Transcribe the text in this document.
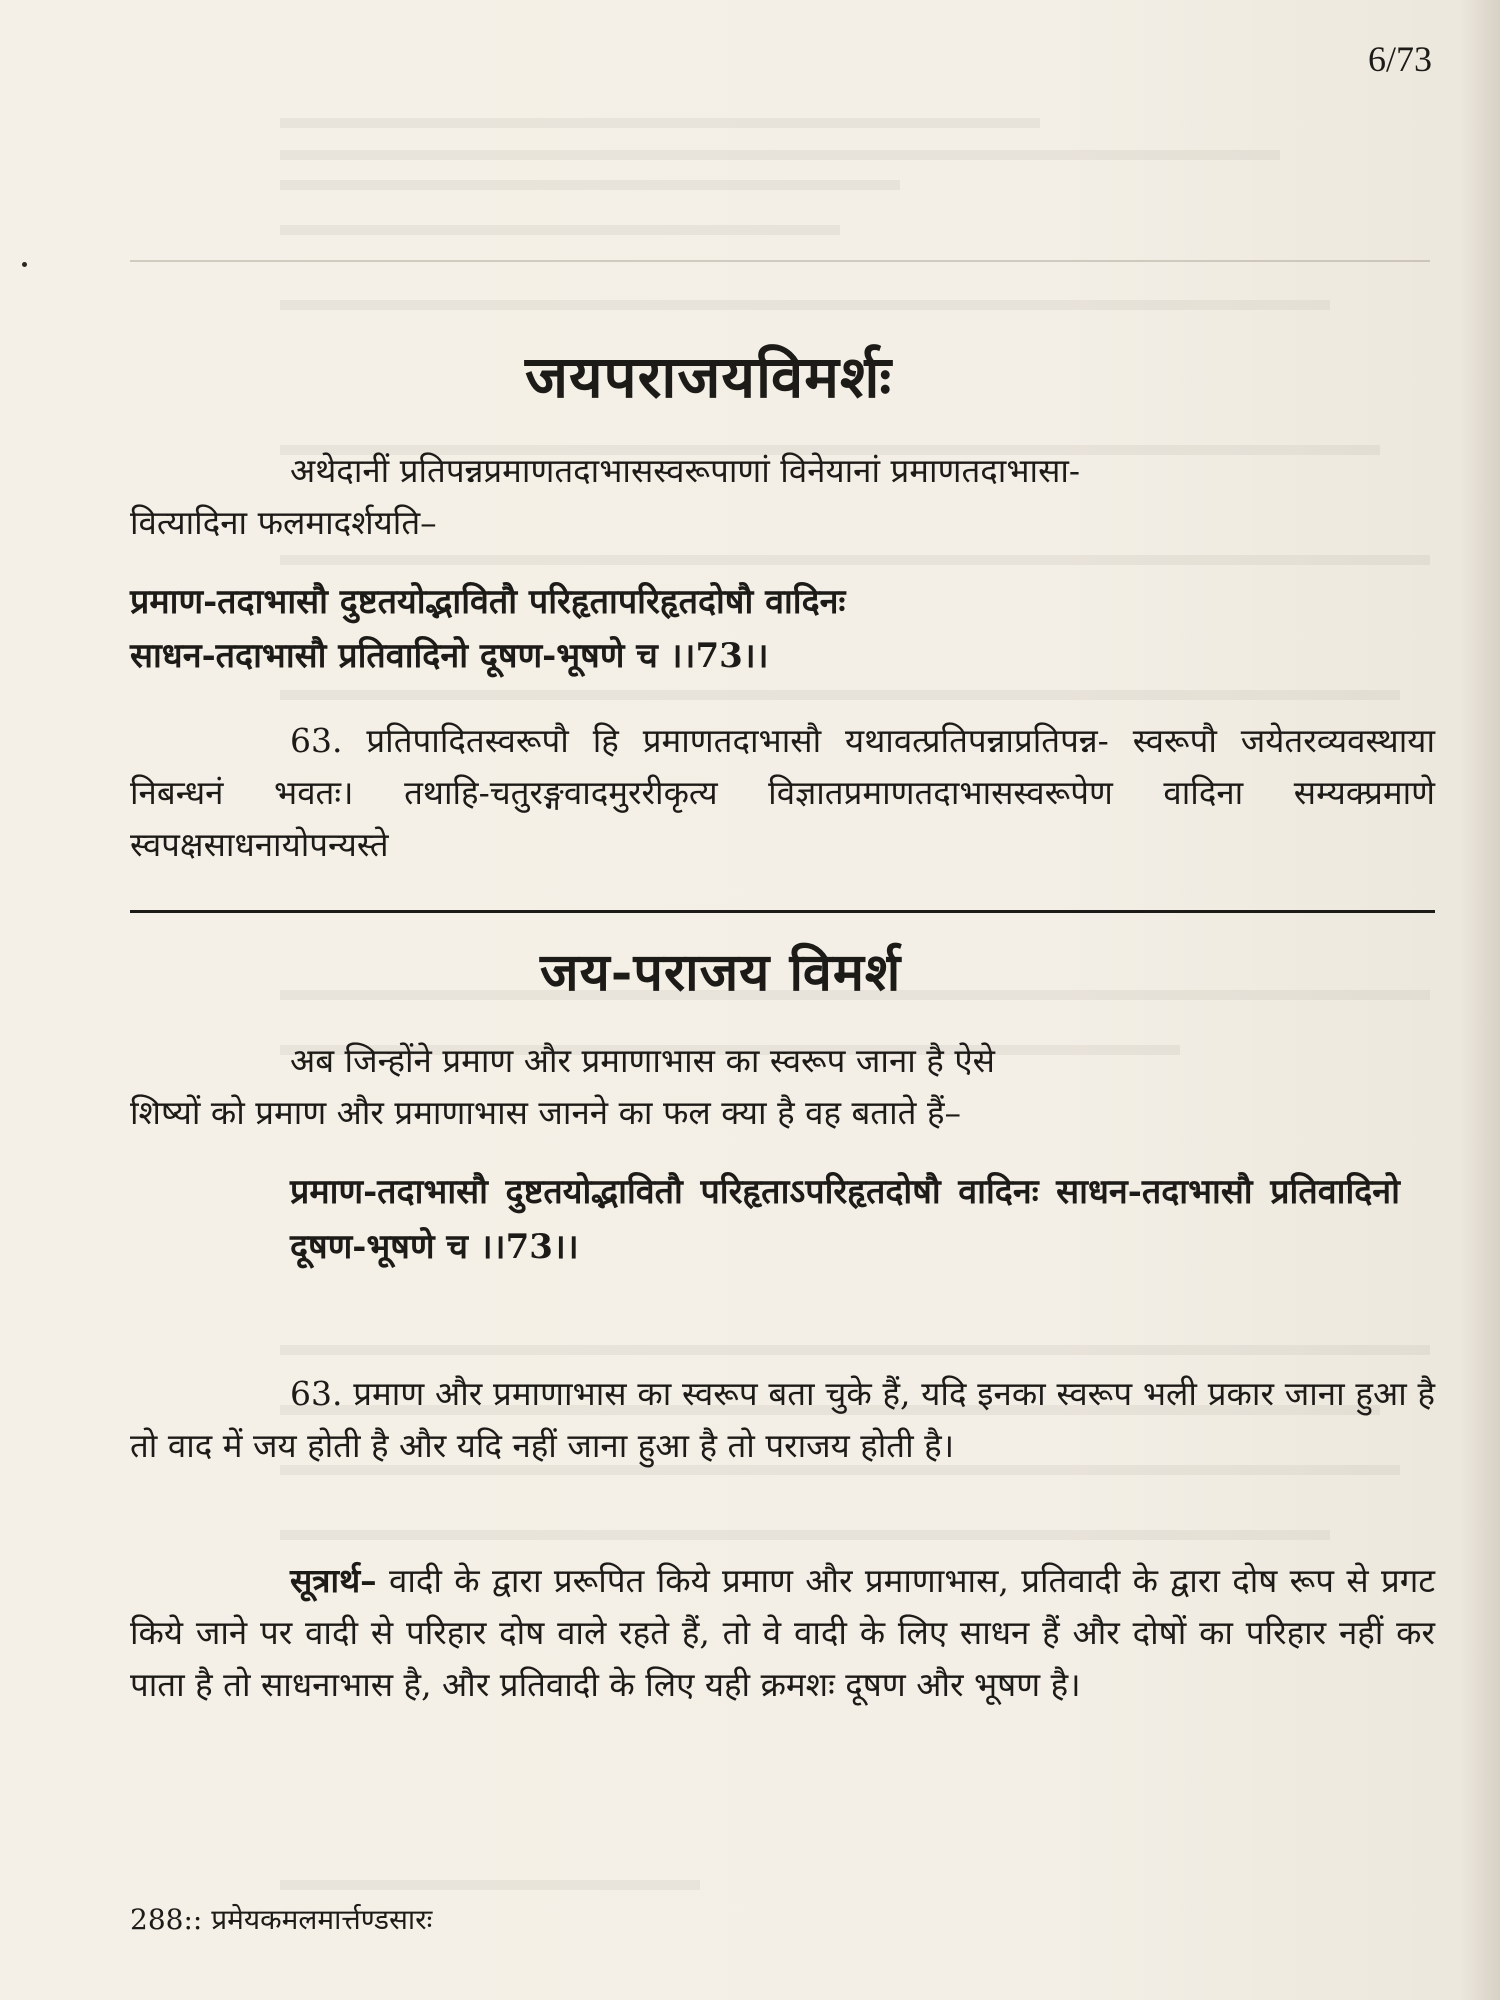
6/73
जयपराजयविमर्शः
अथेदानीं प्रतिपन्नप्रमाणतदाभासस्वरूपाणां विनेयानां प्रमाणतदाभासा-
वित्यादिना फलमादर्शयति–
प्रमाण-तदाभासौ दुष्टतयोद्भावितौ परिहृतापरिहृतदोषौ वादिनः
साधन-तदाभासौ प्रतिवादिनो दूषण-भूषणे च ।।73।।
63. प्रतिपादितस्वरूपौ हि प्रमाणतदाभासौ यथावत्प्रतिपन्नाप्रतिपन्न- स्वरूपौ जयेतरव्यवस्थाया निबन्धनं भवतः। तथाहि-चतुरङ्गवादमुररीकृत्य विज्ञातप्रमाणतदाभासस्वरूपेण वादिना सम्यक्प्रमाणे स्वपक्षसाधनायोपन्यस्ते
जय-पराजय विमर्श
अब जिन्होंने प्रमाण और प्रमाणाभास का स्वरूप जाना है ऐसे
शिष्यों को प्रमाण और प्रमाणाभास जानने का फल क्या है वह बताते हैं–
प्रमाण-तदाभासौ दुष्टतयोद्भावितौ परिहृताऽपरिहृतदोषौ वादिनः साधन-तदाभासौ प्रतिवादिनो दूषण-भूषणे च ।।73।।
63. प्रमाण और प्रमाणाभास का स्वरूप बता चुके हैं, यदि इनका स्वरूप भली प्रकार जाना हुआ है तो वाद में जय होती है और यदि नहीं जाना हुआ है तो पराजय होती है।
सूत्रार्थ– वादी के द्वारा प्ररूपित किये प्रमाण और प्रमाणाभास, प्रतिवादी के द्वारा दोष रूप से प्रगट किये जाने पर वादी से परिहार दोष वाले रहते हैं, तो वे वादी के लिए साधन हैं और दोषों का परिहार नहीं कर पाता है तो साधनाभास है, और प्रतिवादी के लिए यही क्रमशः दूषण और भूषण है।
288:: प्रमेयकमलमार्त्तण्डसारः
